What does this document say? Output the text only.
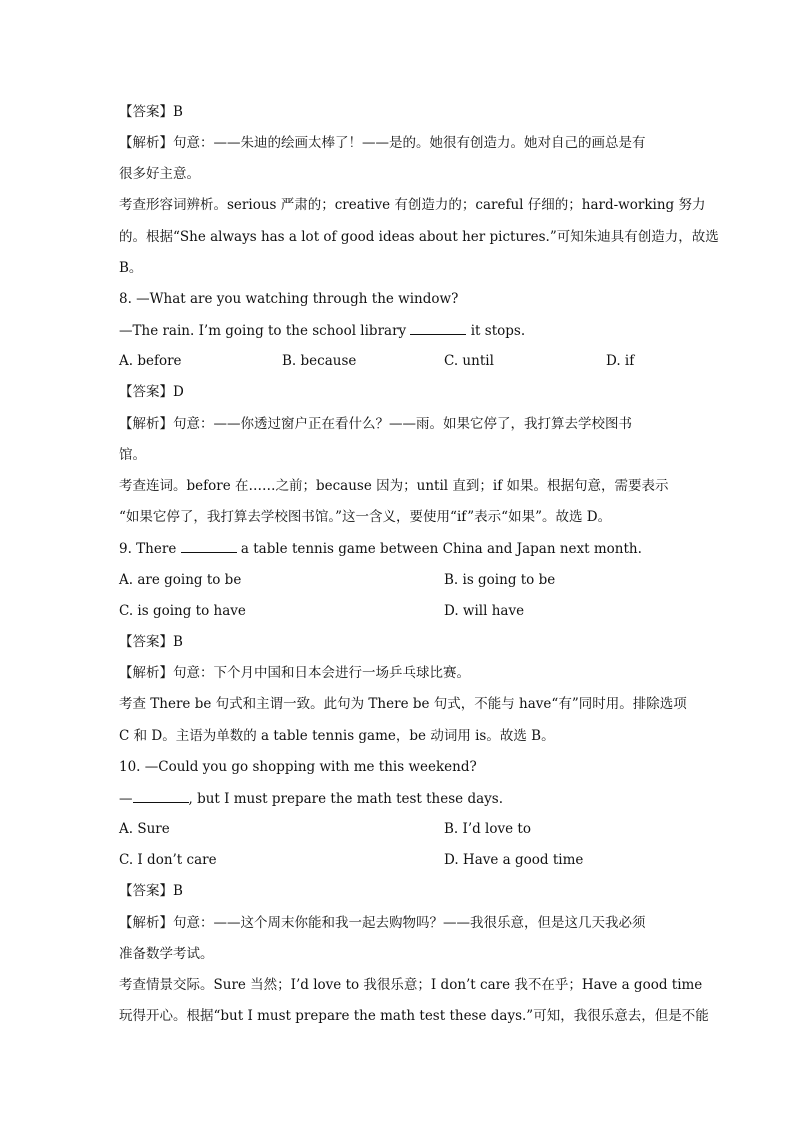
【答案】B
【解析】句意：——朱迪的绘画太棒了！——是的。她很有创造力。她对自己的画总是有
很多好主意。
考查形容词辨析。serious 严肃的；creative 有创造力的；careful 仔细的；hard-working 努力
的。根据“She always has a lot of good ideas about her pictures.”可知朱迪具有创造力，故选
B。
8. —What are you watching through the window?
—The rain. I’m going to the school library	it stops.
A. before	B. because	C. until	D. if
【答案】D
【解析】句意：——你透过窗户正在看什么？——雨。如果它停了，我打算去学校图书
馆。
考查连词。before 在……之前；because 因为；until 直到；if 如果。根据句意，需要表示
“如果它停了，我打算去学校图书馆。”这一含义，要使用“if”表示“如果”。故选 D。
9. There	a table tennis game between China and Japan next month.
A. are going to be	B. is going to be
C. is going to have	D. will have
【答案】B
【解析】句意：下个月中国和日本会进行一场乒乓球比赛。
考查 There be 句式和主谓一致。此句为 There be 句式，不能与 have“有”同时用。排除选项
C 和 D。主语为单数的 a table tennis game，be 动词用 is。故选 B。
10. —Could you go shopping with me this weekend?
—	, but I must prepare the math test these days.
A. Sure	B. I’d love to
C. I don’t care	D. Have a good time
【答案】B
【解析】句意：——这个周末你能和我一起去购物吗？——我很乐意，但是这几天我必须
准备数学考试。
考查情景交际。Sure 当然；I’d love to 我很乐意；I don’t care 我不在乎；Have a good time
玩得开心。根据“but I must prepare the math test these days.”可知，我很乐意去，但是不能
